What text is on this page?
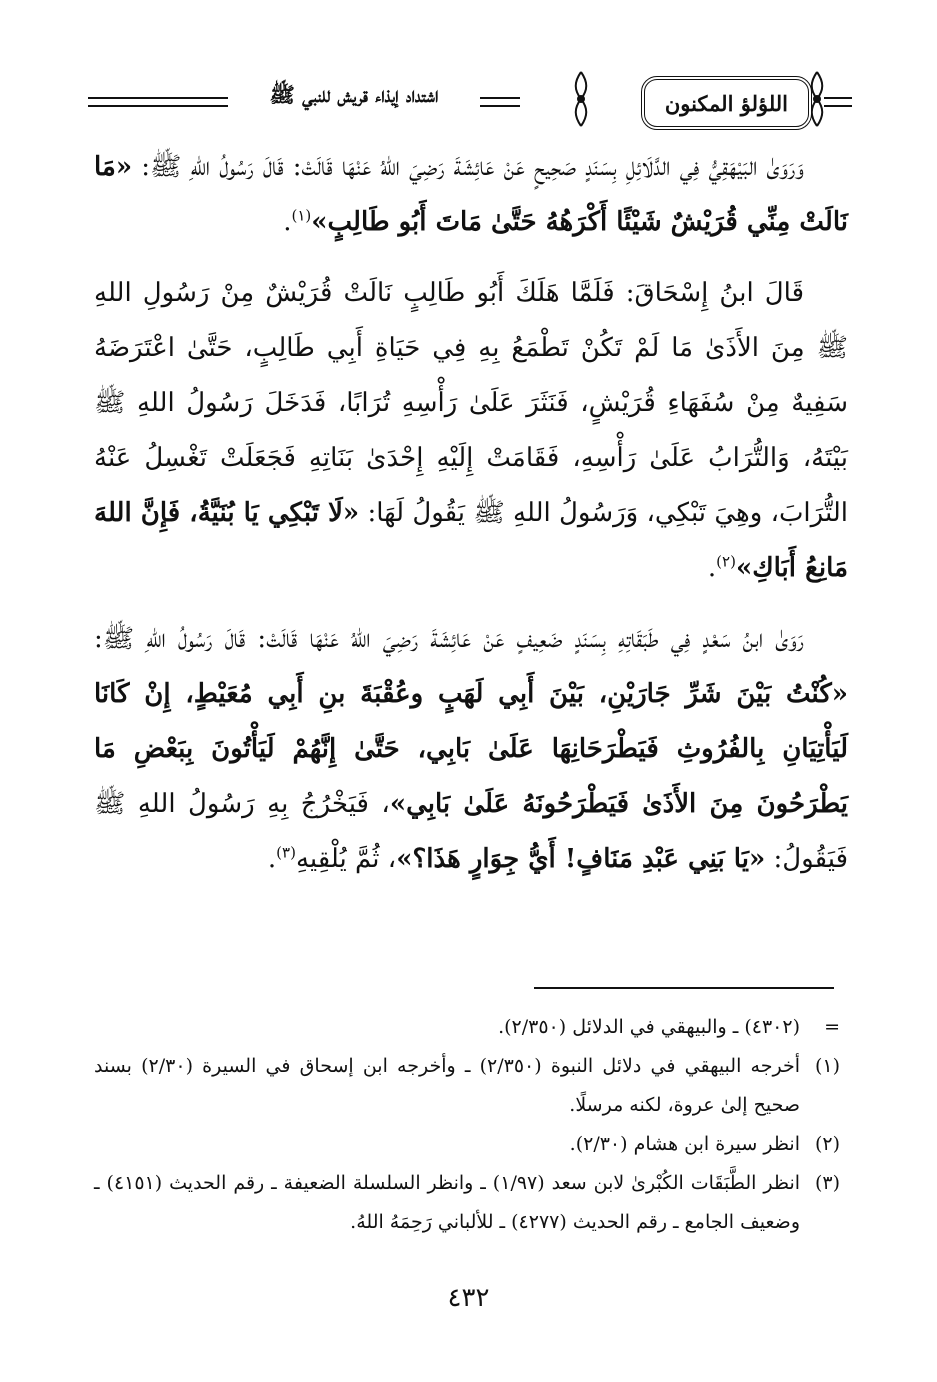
اللؤلؤ المكنون
اشتداد إيذاء قريش للنبي ﷺ

وَرَوَىٰ البَيْهَقِيُّ فِي الدَّلَائِلِ بِسَنَدٍ صَحِيحٍ عَنْ عَائِشَةَ رَضِيَ اللهُ عَنْهَا قَالَتْ: قَالَ رَسُولُ اللهِ ﷺ: «مَا نَالَتْ مِنِّي قُرَيْشٌ شَيْئًا أَكْرَهُهُ حَتَّىٰ مَاتَ أَبُو طَالِبٍ»$^{(١)}$.

قَالَ ابنُ إِسْحَاقَ: فَلَمَّا هَلَكَ أَبُو طَالِبٍ نَالَتْ قُرَيْشٌ مِنْ رَسُولِ اللهِ ﷺ مِنَ الأَذَىٰ مَا لَمْ تَكُنْ تَطْمَعُ بِهِ فِي حَيَاةِ أَبِي طَالِبٍ، حَتَّىٰ اعْتَرَضَهُ سَفِيهٌ مِنْ سُفَهَاءِ قُرَيْشٍ، فَنَثَرَ عَلَىٰ رَأْسِهِ تُرَابًا، فَدَخَلَ رَسُولُ اللهِ ﷺ بَيْتَهُ، وَالتُّرَابُ عَلَىٰ رَأْسِهِ، فَقَامَتْ إِلَيْهِ إِحْدَىٰ بَنَاتِهِ فَجَعَلَتْ تَغْسِلُ عَنْهُ التُّرَابَ، وهِيَ تَبْكِي، وَرَسُولُ اللهِ ﷺ يَقُولُ لَهَا: «لَا تَبْكِي يَا بُنَيَّةُ، فَإِنَّ اللهَ مَانِعُ أَبَاكِ»$^{(٢)}$.

رَوَىٰ ابنُ سَعْدٍ فِي طَبَقَاتِهِ بِسَنَدٍ ضَعِيفٍ عَنْ عَائِشَةَ رَضِيَ اللهُ عَنْهَا قَالَتْ: قَالَ رَسُولُ اللهِ ﷺ: «كُنْتُ بَيْنَ شَرِّ جَارَيْنِ، بَيْنَ أَبِي لَهَبٍ وعُقْبَةَ بنِ أَبِي مُعَيْطٍ، إِنْ كَانَا لَيَأْتِيَانِ بِالفُرُوثِ فَيَطْرَحَانِهَا عَلَىٰ بَابِي، حَتَّىٰ إِنَّهُمْ لَيَأْتُونَ بِبَعْضِ مَا يَطْرَحُونَ مِنَ الأَذَىٰ فَيَطْرَحُونَهُ عَلَىٰ بَابِي»، فَيَخْرُجُ بِهِ رَسُولُ اللهِ ﷺ فَيَقُولُ: «يَا بَنِي عَبْدِ مَنَافٍ! أَيُّ جِوَارٍ هَذَا؟»، ثُمَّ يُلْقِيهِ$^{(٣)}$.

=
(٤٣٠٢) ـ والبيهقي في الدلائل (٢/٣٥٠).
(١)
أخرجه البيهقي في دلائل النبوة (٢/٣٥٠) ـ وأخرجه ابن إسحاق في السيرة (٢/٣٠) بسند صحيح إلىٰ عروة، لكنه مرسلًا.
(٢)
انظر سيرة ابن هشام (٢/٣٠).
(٣)
انظر الطَّبَقَات الكُبْرىٰ لابن سعد (١/٩٧) ـ وانظر السلسلة الضعيفة ـ رقم الحديث (٤١٥١) ـ وضعيف الجامع ـ رقم الحديث (٤٢٧٧) ـ للألباني رَحِمَهُ اللهُ.
٤٣٢
